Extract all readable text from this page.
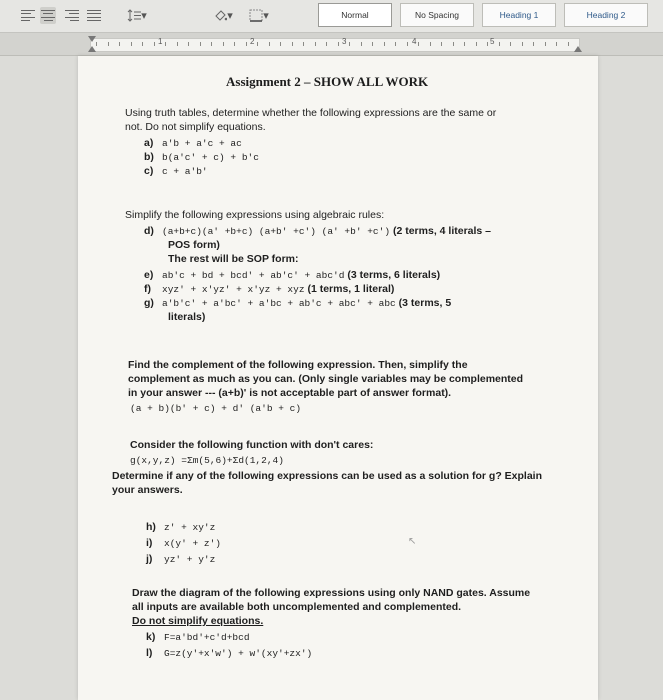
▾	▾	▾	Normal	No Spacing	Heading 1	Heading 2
1	2	3	4	5
Assignment 2 – SHOW ALL WORK
Using truth tables, determine whether the following expressions are the same or
not. Do not simplify equations.
a) a'b + a'c + ac
b) b(a'c' + c) + b'c
c) c + a'b'
Simplify the following expressions using algebraic rules:
d) (a+b+c)(a' +b+c) (a+b' +c') (a' +b' +c') (2 terms, 4 literals –
POS form)
The rest will be SOP form:
e) ab'c + bd + bcd' + ab'c' + abc'd (3 terms, 6 literals)
f) xyz' + x'yz' + x'yz + xyz (1 terms, 1 literal)
g) a'b'c' + a'bc' + a'bc + ab'c + abc' + abc (3 terms, 5
literals)
Find the complement of the following expression. Then, simplify the
complement as much as you can. (Only single variables may be complemented
in your answer --- (a+b)' is not acceptable part of answer format).
(a + b)(b' + c) + d' (a'b + c)
Consider the following function with don't cares:
g(x,y,z) =Σm(5,6)+Σd(1,2,4)
Determine if any of the following expressions can be used as a solution for g? Explain
your answers.
h) z' + xy'z
i) x(y' + z')
j) yz' + y'z
↖
Draw the diagram of the following expressions using only NAND gates. Assume
all inputs are available both uncomplemented and complemented.
Do not simplify equations.
k) F=a'bd'+c'd+bcd
l) G=z(y'+x'w') + w'(xy'+zx')
